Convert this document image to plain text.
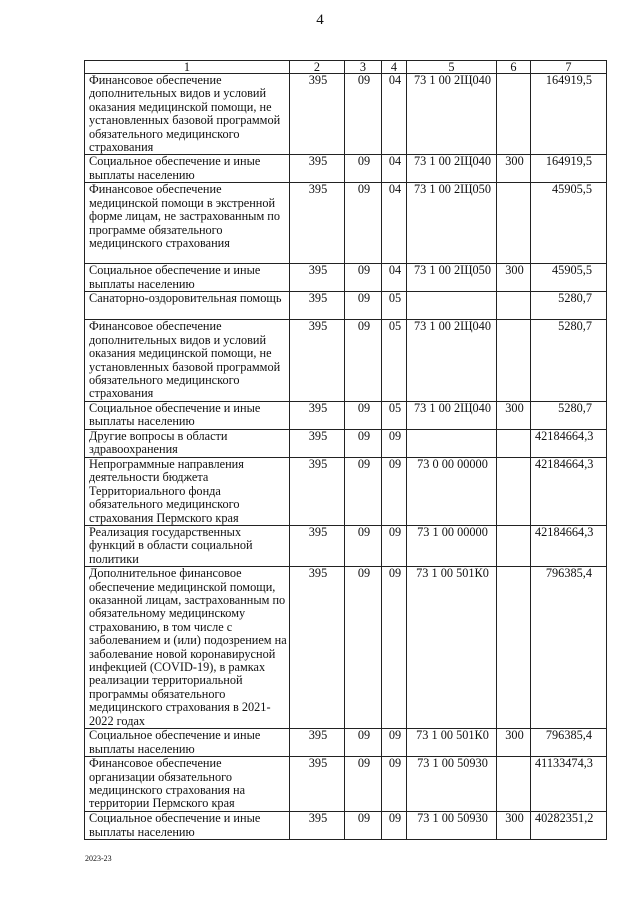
4
1	2	3	4	5	6	7
Финансовое обеспечение дополнительных видов и условий оказания медицинской помощи, не установленных базовой программой обязательного медицинского страхования	395	09	04	73 1 00 2Щ040		164919,5
Социальное обеспечение и иные выплаты населению	395	09	04	73 1 00 2Щ040	300	164919,5
Финансовое обеспечение медицинской помощи в экстренной форме лицам, не застрахованным по программе обязательного медицинского страхования	395	09	04	73 1 00 2Щ050		45905,5
Социальное обеспечение и иные выплаты населению	395	09	04	73 1 00 2Щ050	300	45905,5
Санаторно-оздоровительная помощь	395	09	05			5280,7
Финансовое обеспечение дополнительных видов и условий оказания медицинской помощи, не установленных базовой программой обязательного медицинского страхования	395	09	05	73 1 00 2Щ040		5280,7
Социальное обеспечение и иные выплаты населению	395	09	05	73 1 00 2Щ040	300	5280,7
Другие вопросы в области здравоохранения	395	09	09			42184664,3
Непрограммные направления деятельности бюджета Территориального фонда обязательного медицинского страхования Пермского края	395	09	09	73 0 00 00000		42184664,3
Реализация государственных функций в области социальной политики	395	09	09	73 1 00 00000		42184664,3
Дополнительное финансовое обеспечение медицинской помощи, оказанной лицам, застрахованным по обязательному медицинскому страхованию, в том числе с заболеванием и (или) подозрением на заболевание новой коронавирусной инфекцией (COVID-19), в рамках реализации территориальной программы обязательного медицинского страхования в 2021-2022 годах	395	09	09	73 1 00 501К0		796385,4
Социальное обеспечение и иные выплаты населению	395	09	09	73 1 00 501К0	300	796385,4
Финансовое обеспечение организации обязательного медицинского страхования на территории Пермского края	395	09	09	73 1 00 50930		41133474,3
Социальное обеспечение и иные выплаты населению	395	09	09	73 1 00 50930	300	40282351,2
2023-23
